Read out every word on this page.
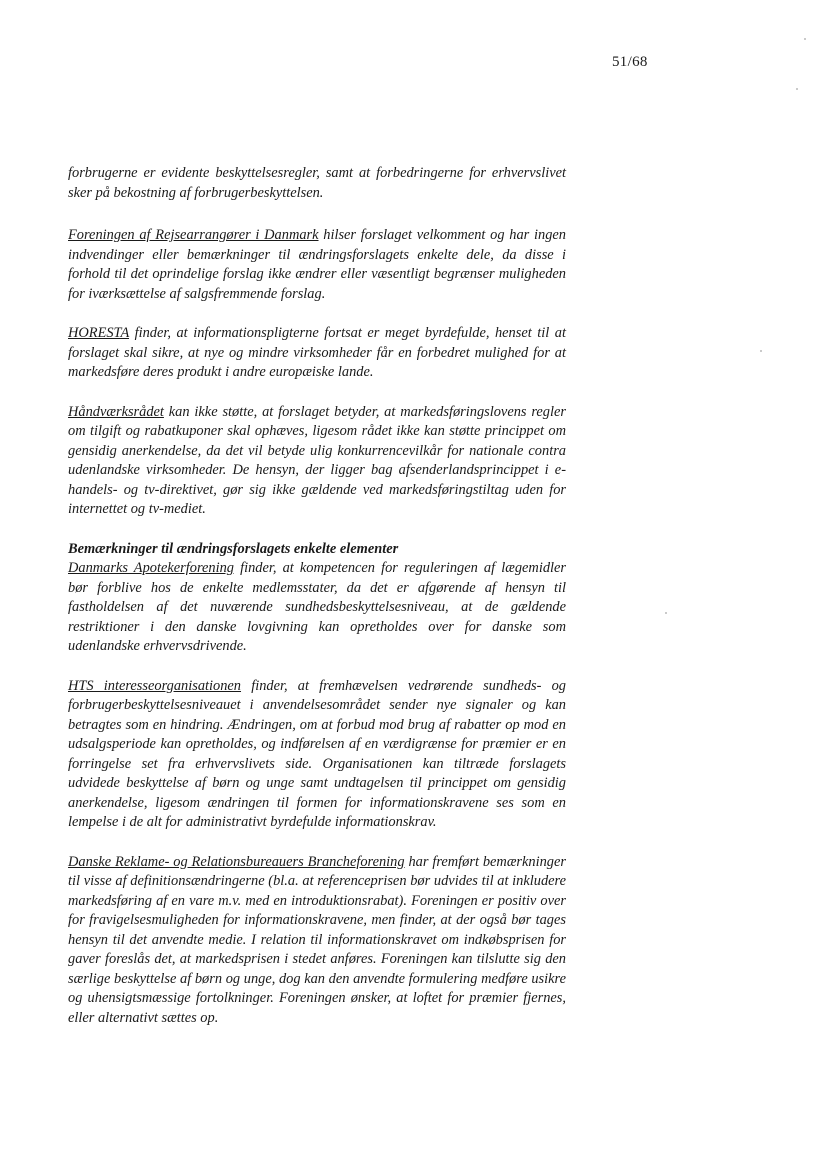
51/68

forbrugerne er evidente beskyttelsesregler, samt at forbedringerne for erhvervslivet sker på bekostning af forbrugerbeskyttelsen.

Foreningen af Rejsearrangører i Danmark hilser forslaget velkomment og har ingen indvendinger eller bemærkninger til ændringsforslagets enkelte dele, da disse i forhold til det oprindelige forslag ikke ændrer eller væsentligt begrænser muligheden for iværksættelse af salgsfremmende forslag.

HORESTA finder, at informationspligterne fortsat er meget byrdefulde, henset til at forslaget skal sikre, at nye og mindre virksomheder får en forbedret mulighed for at markedsføre deres produkt i andre europæiske lande.

Håndværksrådet kan ikke støtte, at forslaget betyder, at markedsføringslovens regler om tilgift og rabatkuponer skal ophæves, ligesom rådet ikke kan støtte princippet om gensidig anerkendelse, da det vil betyde ulig konkurrencevilkår for nationale contra udenlandske virksomheder. De hensyn, der ligger bag afsenderlandsprincippet i e-handels- og tv-direktivet, gør sig ikke gældende ved markedsføringstiltag uden for internettet og tv-mediet.

Bemærkninger til ændringsforslagets enkelte elementer
Danmarks Apotekerforening finder, at kompetencen for reguleringen af lægemidler bør forblive hos de enkelte medlemsstater, da det er afgørende af hensyn til fastholdelsen af det nuværende sundhedsbeskyttelsesniveau, at de gældende restriktioner i den danske lovgivning kan opretholdes over for danske som udenlandske erhvervsdrivende.

HTS interesseorganisationen finder, at fremhævelsen vedrørende sundheds- og forbrugerbeskyttelsesniveauet i anvendelsesområdet sender nye signaler og kan betragtes som en hindring. Ændringen, om at forbud mod brug af rabatter op mod en udsalgsperiode kan opretholdes, og indførelsen af en værdigrænse for præmier er en forringelse set fra erhvervslivets side. Organisationen kan tiltræde forslagets udvidede beskyttelse af børn og unge samt undtagelsen til princippet om gensidig anerkendelse, ligesom ændringen til formen for informationskravene ses som en lempelse i de alt for administrativt byrdefulde informationskrav.

Danske Reklame- og Relationsbureauers Brancheforening har fremført bemærkninger til visse af definitionsændringerne (bl.a. at referenceprisen bør udvides til at inkludere markedsføring af en vare m.v. med en introduktionsrabat). Foreningen er positiv over for fravigelsesmuligheden for informationskravene, men finder, at der også bør tages hensyn til det anvendte medie. I relation til informationskravet om indkøbsprisen for gaver foreslås det, at markedsprisen i stedet anføres. Foreningen kan tilslutte sig den særlige beskyttelse af børn og unge, dog kan den anvendte formulering medføre usikre og uhensigtsmæssige fortolkninger. Foreningen ønsker, at loftet for præmier fjernes, eller alternativt sættes op.
